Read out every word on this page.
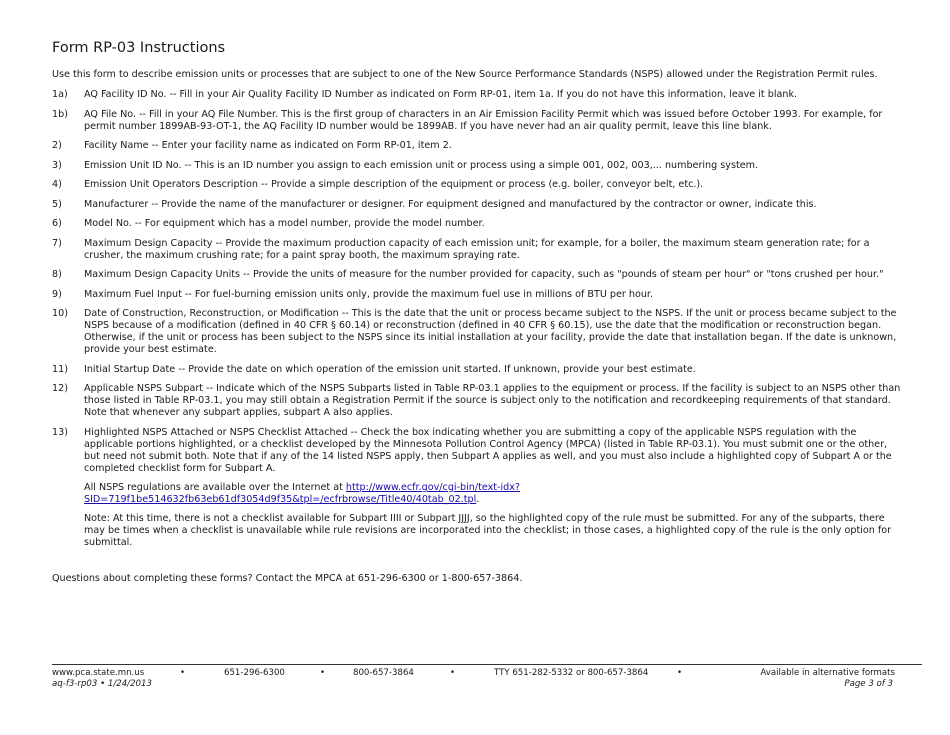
Form RP-03 Instructions
Use this form to describe emission units or processes that are subject to one of the New Source Performance Standards (NSPS) allowed under the Registration Permit rules.
1a)	AQ Facility ID No. -- Fill in your Air Quality Facility ID Number as indicated on Form RP-01, item 1a. If you do not have this information, leave it blank.
1b)	AQ File No. -- Fill in your AQ File Number. This is the first group of characters in an Air Emission Facility Permit which was issued before October 1993. For example, for permit number 1899AB-93-OT-1, the AQ Facility ID number would be 1899AB. If you have never had an air quality permit, leave this line blank.
2)	Facility Name -- Enter your facility name as indicated on Form RP-01, item 2.
3)	Emission Unit ID No. -- This is an ID number you assign to each emission unit or process using a simple 001, 002, 003,... numbering system.
4)	Emission Unit Operators Description -- Provide a simple description of the equipment or process (e.g. boiler, conveyor belt, etc.).
5)	Manufacturer -- Provide the name of the manufacturer or designer. For equipment designed and manufactured by the contractor or owner, indicate this.
6)	Model No. -- For equipment which has a model number, provide the model number.
7)	Maximum Design Capacity -- Provide the maximum production capacity of each emission unit; for example, for a boiler, the maximum steam generation rate; for a crusher, the maximum crushing rate; for a paint spray booth, the maximum spraying rate.
8)	Maximum Design Capacity Units -- Provide the units of measure for the number provided for capacity, such as "pounds of steam per hour" or "tons crushed per hour."
9)	Maximum Fuel Input -- For fuel-burning emission units only, provide the maximum fuel use in millions of BTU per hour.
10)	Date of Construction, Reconstruction, or Modification -- This is the date that the unit or process became subject to the NSPS. If the unit or process became subject to the NSPS because of a modification (defined in 40 CFR § 60.14) or reconstruction (defined in 40 CFR § 60.15), use the date that the modification or reconstruction began. Otherwise, if the unit or process has been subject to the NSPS since its initial installation at your facility, provide the date that installation began. If the date is unknown, provide your best estimate.
11)	Initial Startup Date -- Provide the date on which operation of the emission unit started. If unknown, provide your best estimate.
12)	Applicable NSPS Subpart -- Indicate which of the NSPS Subparts listed in Table RP-03.1 applies to the equipment or process. If the facility is subject to an NSPS other than those listed in Table RP-03.1, you may still obtain a Registration Permit if the source is subject only to the notification and recordkeeping requirements of that standard. Note that whenever any subpart applies, subpart A also applies.
13)	Highlighted NSPS Attached or NSPS Checklist Attached -- Check the box indicating whether you are submitting a copy of the applicable NSPS regulation with the applicable portions highlighted, or a checklist developed by the Minnesota Pollution Control Agency (MPCA) (listed in Table RP-03.1). You must submit one or the other, but need not submit both. Note that if any of the 14 listed NSPS apply, then Subpart A applies as well, and you must also include a highlighted copy of Subpart A or the completed checklist form for Subpart A.
All NSPS regulations are available over the Internet at http://www.ecfr.gov/cgi-bin/text-idx?SID=719f1be514632fb63eb61df3054d9f35&tpl=/ecfrbrowse/Title40/40tab_02.tpl.
Note: At this time, there is not a checklist available for Subpart IIII or Subpart JJJJ, so the highlighted copy of the rule must be submitted. For any of the subparts, there may be times when a checklist is unavailable while rule revisions are incorporated into the checklist; in those cases, a highlighted copy of the rule is the only option for submittal.
Questions about completing these forms? Contact the MPCA at 651-296-6300 or 1-800-657-3864.
www.pca.state.mn.us	•	651-296-6300	•	800-657-3864	•	TTY 651-282-5332 or 800-657-3864	•	Available in alternative formats
aq-f3-rp03 • 1/24/2013	Page 3 of 3
